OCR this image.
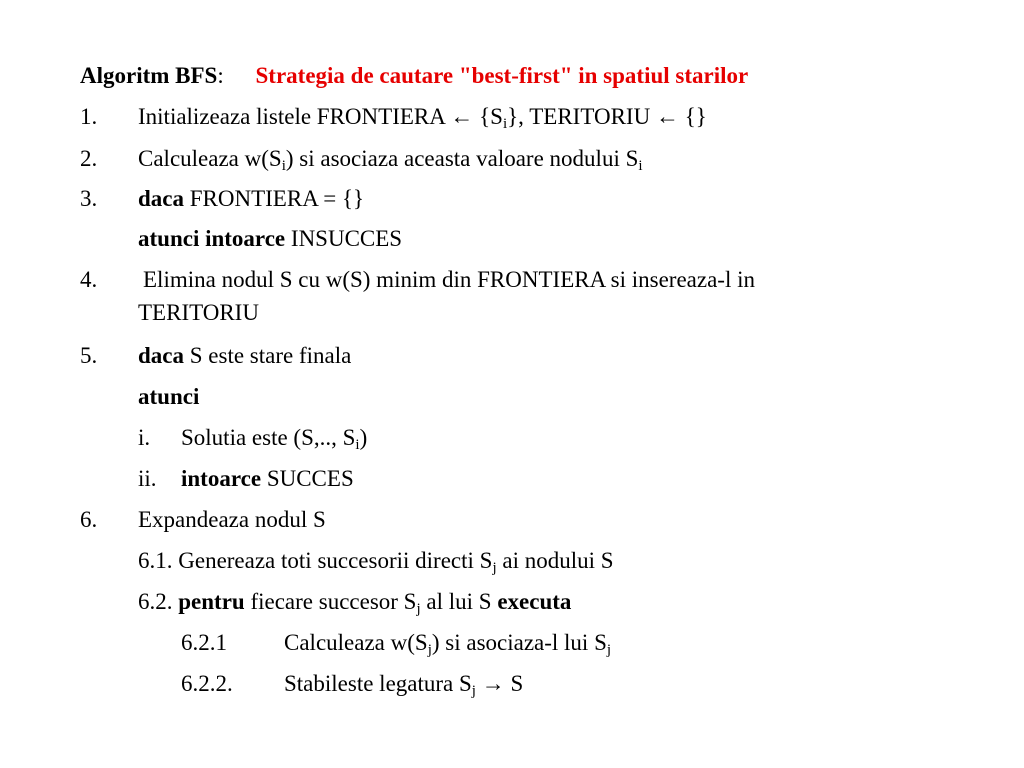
Algoritm BFS: Strategia de cautare "best-first" in spatiul starilor
1. Initializeaza listele FRONTIERA ← $\{S_i\}$, TERITORIU ← {}
2. Calculeaza $w(S_i)$ si asociaza aceasta valoare nodului $S_i$
3. daca FRONTIERA = {}
atunci intoarce INSUCCES
4. Elimina nodul S cu w(S) minim din FRONTIERA si insereaza-l in
TERITORIU
5. daca S este stare finala
atunci
i. Solutia este (S,.., $S_i$)
ii. intoarce SUCCES
6. Expandeaza nodul S
6.1. Genereaza toti succesorii directi $S_j$ ai nodului S
6.2. pentru fiecare succesor $S_j$ al lui S executa
6.2.1 Calculeaza $w(S_j)$ si asociaza-l lui $S_j$
6.2.2. Stabileste legatura $S_j \to S$
